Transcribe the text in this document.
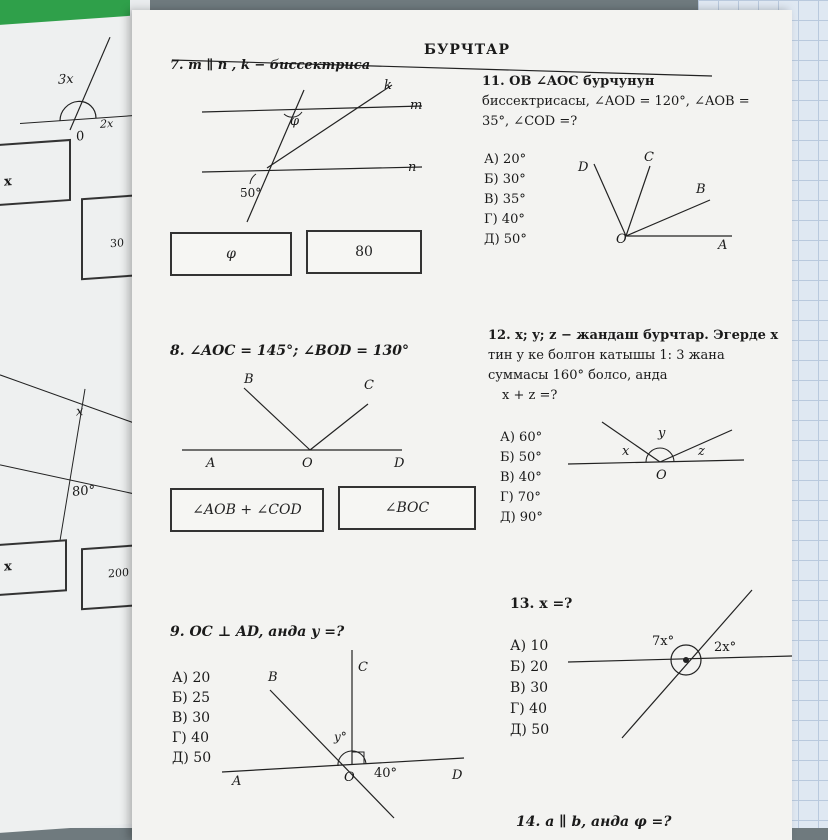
3x
2x
0
x
30
x
80°
x	200
БУРЧТАР
7. m ∥ n , k − биссектриса
k
m
n
φ
50°
φ	80
8. ∠AOC = 145°; ∠BOD = 130°
B	C
A	O	D
∠AOB + ∠COD	∠BOC
9. OC ⊥ AD, анда y =?
А) 20
Б) 25
В) 30
Г) 40
Д) 50
C
B
y°
A	O 40°	D
11. OB ∠AOC бурчунун
биссектрисасы, ∠AOD = 120°, ∠AOB =
35°, ∠COD =?
А) 20°
Б) 30°
В) 35°
Г) 40°
Д) 50°
D
C
B
O	A
12. x; y; z − жандаш бурчтар. Эгерде x
тин y ке болгон катышы 1: 3 жана
суммасы 160° болсо, анда
x + z =?
А) 60°
Б) 50°
В) 40°
Г) 70°
Д) 90°
x
y
z
O
13. x =?
А) 10
Б) 20
В) 30
Г) 40
Д) 50
7x°	2x°
14. a ∥ b, анда φ =?
